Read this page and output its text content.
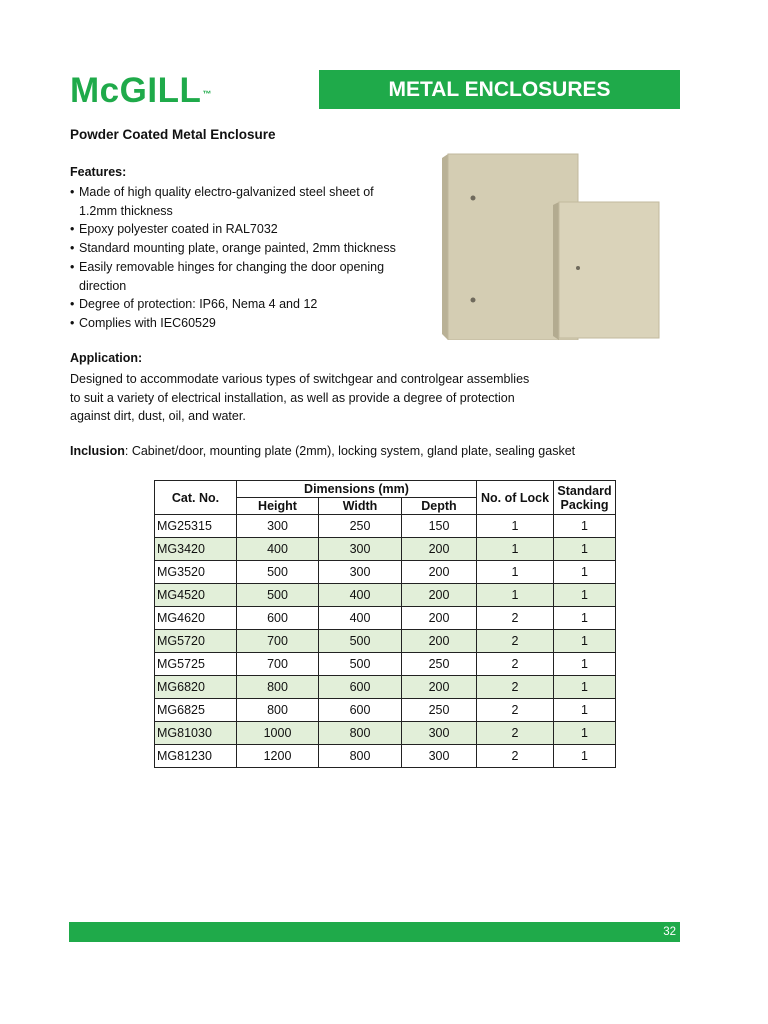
McGILL™	METAL ENCLOSURES
Powder Coated Metal Enclosure
Features:
• Made of high quality electro-galvanized steel sheet of
1.2mm thickness
• Epoxy polyester coated in RAL7032
• Standard mounting plate, orange painted, 2mm thickness
• Easily removable hinges for changing the door opening
direction
• Degree of protection: IP66, Nema 4 and 12
• Complies with IEC60529
Application:
Designed to accommodate various types of switchgear and controlgear assemblies
to suit a variety of electrical installation, as well as provide a degree of protection
against dirt, dust, oil, and water.
Inclusion: Cabinet/door, mounting plate (2mm), locking system, gland plate, sealing gasket
Cat. No.	Dimensions (mm)			No. of Lock	Standard
Packing
	Height	Width	Depth		
MG25315	300	250	150	1	1
MG3420	400	300	200	1	1
MG3520	500	300	200	1	1
MG4520	500	400	200	1	1
MG4620	600	400	200	2	1
MG5720	700	500	200	2	1
MG5725	700	500	250	2	1
MG6820	800	600	200	2	1
MG6825	800	600	250	2	1
MG81030	1000	800	300	2	1
MG81230	1200	800	300	2	1
32
